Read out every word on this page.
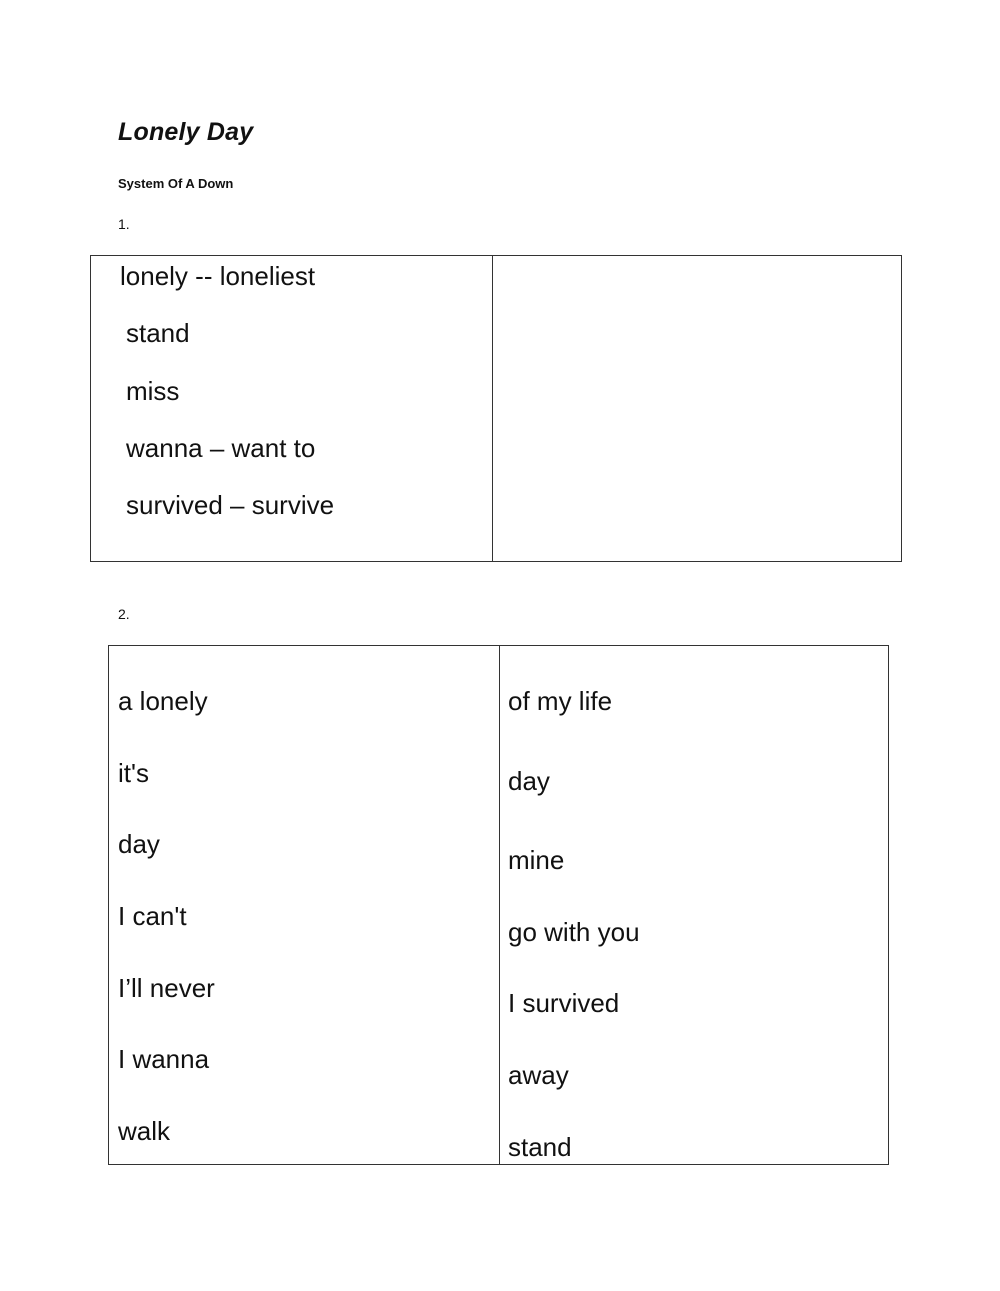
Lonely Day
System Of A Down
1.
lonely -- loneliest
stand
miss
wanna – want to
survived – survive
2.
a lonely
it's
day
I can't
I’ll never
I wanna
walk
of my life
day
mine
go with you
I survived
away
stand
